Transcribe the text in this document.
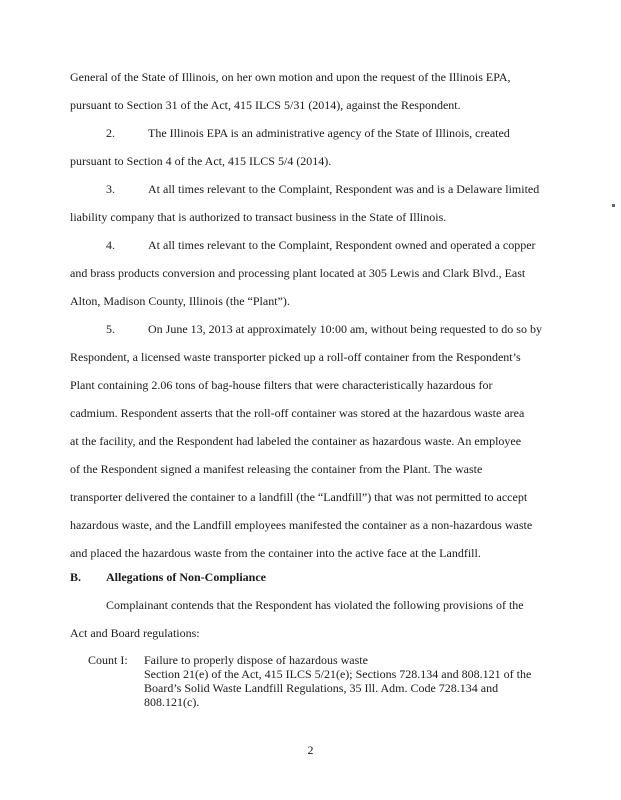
General of the State of Illinois, on her own motion and upon the request of the Illinois EPA,
pursuant to Section 31 of the Act, 415 ILCS 5/31 (2014), against the Respondent.
2.	The Illinois EPA is an administrative agency of the State of Illinois, created
pursuant to Section 4 of the Act, 415 ILCS 5/4 (2014).
3.	At all times relevant to the Complaint, Respondent was and is a Delaware limited
liability company that is authorized to transact business in the State of Illinois.
4.	At all times relevant to the Complaint, Respondent owned and operated a copper
and brass products conversion and processing plant located at 305 Lewis and Clark Blvd., East
Alton, Madison County, Illinois (the “Plant”).
5.	On June 13, 2013 at approximately 10:00 am, without being requested to do so by
Respondent, a licensed waste transporter picked up a roll-off container from the Respondent’s
Plant containing 2.06 tons of bag-house filters that were characteristically hazardous for
cadmium. Respondent asserts that the roll-off container was stored at the hazardous waste area
at the facility, and the Respondent had labeled the container as hazardous waste. An employee
of the Respondent signed a manifest releasing the container from the Plant. The waste
transporter delivered the container to a landfill (the “Landfill”) that was not permitted to accept
hazardous waste, and the Landfill employees manifested the container as a non-hazardous waste
and placed the hazardous waste from the container into the active face at the Landfill.
B. Allegations of Non-Compliance
Complainant contends that the Respondent has violated the following provisions of the
Act and Board regulations:
Count I: Failure to properly dispose of hazardous waste
Section 21(e) of the Act, 415 ILCS 5/21(e); Sections 728.134 and 808.121 of the
Board’s Solid Waste Landfill Regulations, 35 Ill. Adm. Code 728.134 and
808.121(c).
2
